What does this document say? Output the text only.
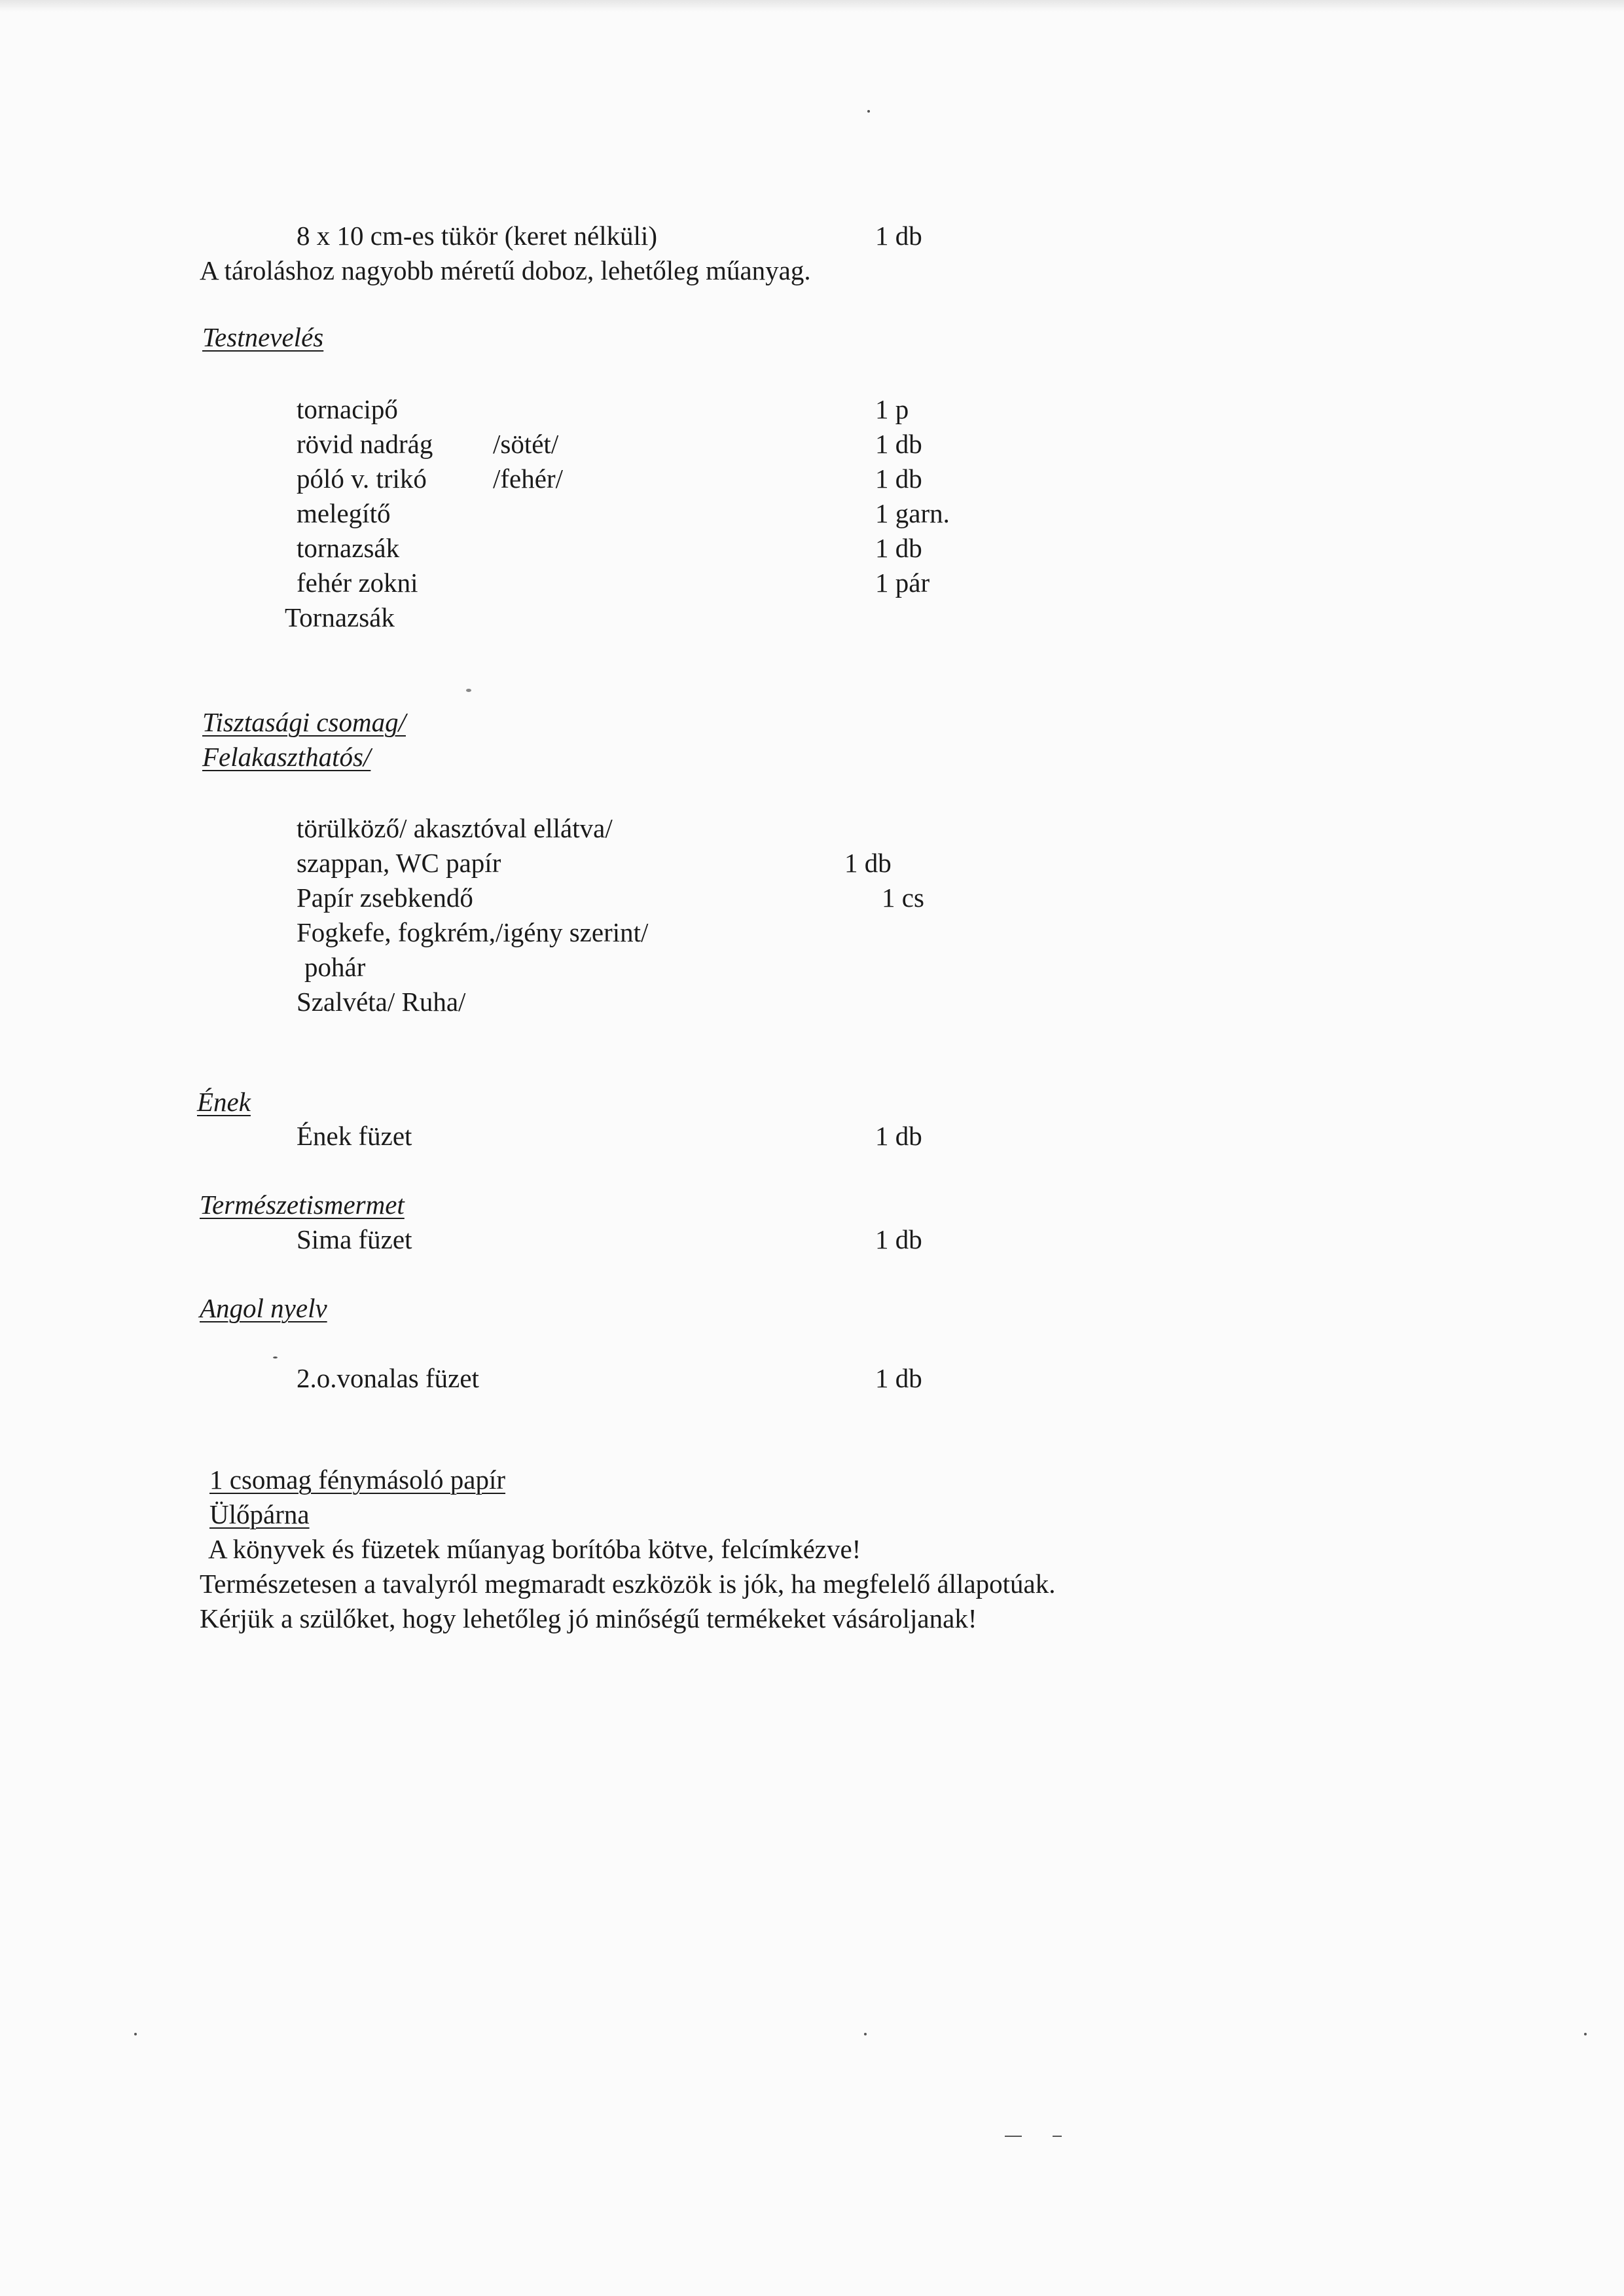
8 x 10 cm-es tükör (keret nélküli)	1 db
A tároláshoz nagyobb méretű doboz, lehetőleg műanyag.
Testnevelés
tornacipő	1 p
rövid nadrág /sötét/	1 db
póló v. trikó /fehér/	1 db
melegítő	1 garn.
tornazsák	1 db
fehér zokni	1 pár
Tornazsák
Tisztasági csomag/
Felakaszthatós/
törülköző/ akasztóval ellátva/
szappan, WC papír	1 db
Papír zsebkendő	1 cs
Fogkefe, fogkrém,/igény szerint/
pohár
Szalvéta/ Ruha/
Ének
Ének füzet	1 db
Természetismermet
Sima füzet	1 db
Angol nyelv
2.o.vonalas füzet	1 db
1 csomag fénymásoló papír
Ülőpárna
A könyvek és füzetek műanyag borítóba kötve, felcímkézve!
Természetesen a tavalyról megmaradt eszközök is jók, ha megfelelő állapotúak.
Kérjük a szülőket, hogy lehetőleg jó minőségű termékeket vásároljanak!
